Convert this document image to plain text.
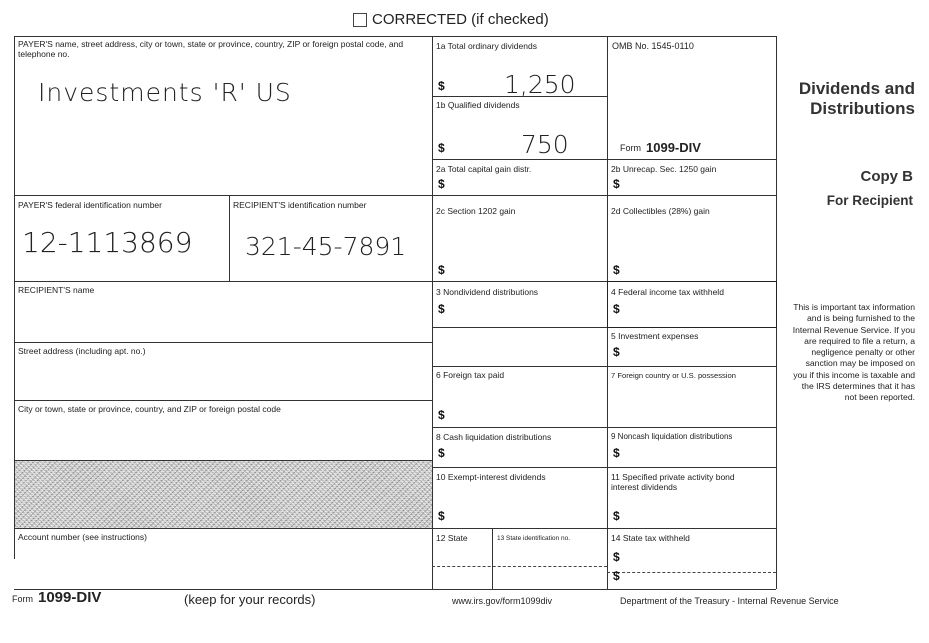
CORRECTED (if checked)
PAYER'S name, street address, city or town, state or province, country, ZIP or foreign postal code, and telephone no.
Investments 'R' US
PAYER'S federal identification number
12-1113869
RECIPIENT'S identification number
321-45-7891
RECIPIENT'S name
Street address (including apt. no.)
City or town, state or province, country, and ZIP or foreign postal code
Account number (see instructions)
1a Total ordinary dividends
$ 1,250
1b Qualified dividends
$	750
2a Total capital gain distr.
$
2c Section 1202 gain
$
3 Nondividend distributions
$
6 Foreign tax paid
$
8 Cash liquidation distributions
$
10 Exempt-interest dividends
$
12 State	13 State identification no.
OMB No. 1545-0110
Form 1099-DIV
2b Unrecap. Sec. 1250 gain
$
2d Collectibles (28%) gain
$
4 Federal income tax withheld
$
5 Investment expenses
$
7 Foreign country or U.S. possession
9 Noncash liquidation distributions
$
11 Specified private activity bond interest dividends
$
14 State tax withheld
$
$
Dividends and
Distributions
Copy B
For Recipient
This is important tax information and is being furnished to the Internal Revenue Service. If you are required to file a return, a negligence penalty or other sanction may be imposed on you if this income is taxable and the IRS determines that it has not been reported.
Form 1099-DIV	(keep for your records)	www.irs.gov/form1099div	Department of the Treasury - Internal Revenue Service
